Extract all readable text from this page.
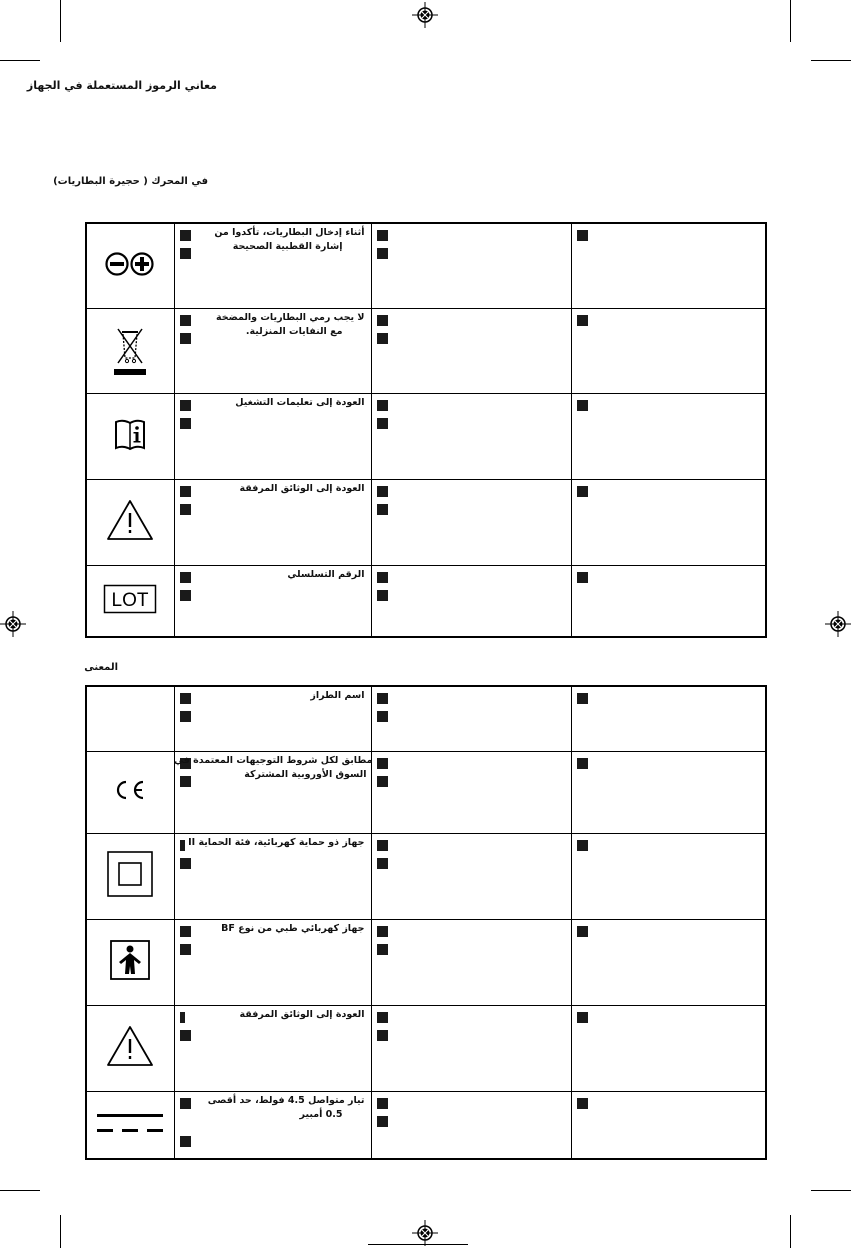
معاني الرموز المستعملة في الجهاز
في المحرك ( حجيرة البطاريات)
المعنى

أثناء إدخال البطاريات، تأكدوا من
إشارة القطبية الصحيحة		

لا يجب رمي البطاريات والمضخة
مع النفايات المنزلية.		

العودة إلى تعليمات التشغيل		

العودة إلى الوثائق المرفقة		

LOT	الرقم التسلسلي		

	اسم الطراز		

مطابق لكل شروط التوجيهات المعتمدة في
السوق الأوروبية المشتركة		

جهاز ذو حماية كهربائية، فئة الحماية II		

جهاز كهربائي طبي من نوع BF		

العودة إلى الوثائق المرفقة		

تيار متواصل 4.5 فولط، حد أقصى
0.5 أمبير		
